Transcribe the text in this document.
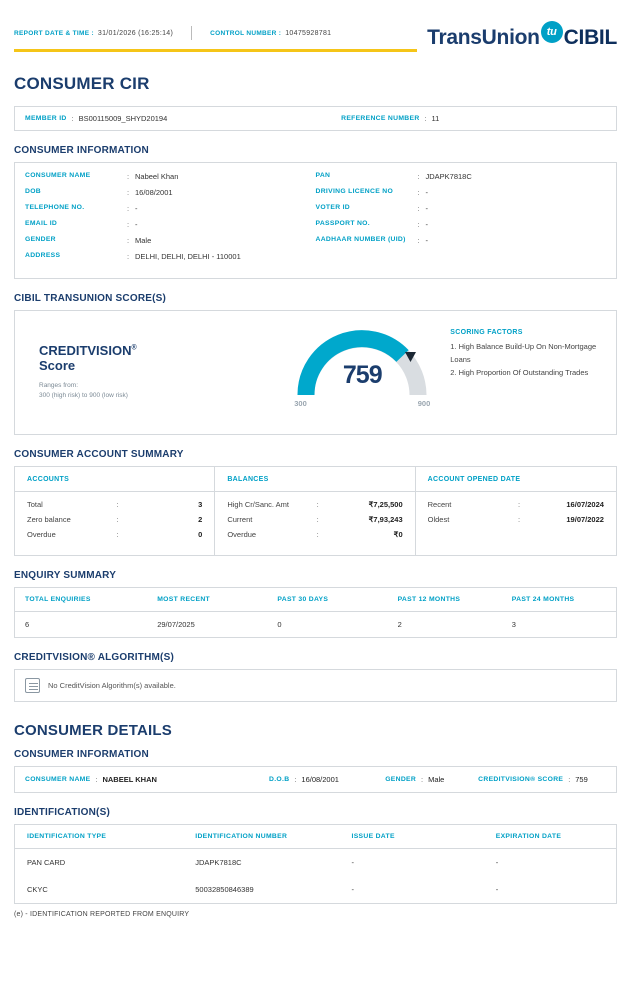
REPORT DATE & TIME : 31/01/2026 (16:25:14)	CONTROL NUMBER : 10475928781	TransUnion tu CIBIL
CONSUMER CIR
MEMBER ID : BS00115009_SHYD20194	REFERENCE NUMBER : 11
CONSUMER INFORMATION
CONSUMER NAME	: Nabeel Khan
DOB	: 16/08/2001
TELEPHONE NO.	: -
EMAIL ID	: -
GENDER	: Male
ADDRESS	: DELHI, DELHI, DELHI - 110001
PAN	: JDAPK7818C
DRIVING LICENCE NO	: -
VOTER ID	: -
PASSPORT NO.	: -
AADHAAR NUMBER (UID)	: -
CIBIL TRANSUNION SCORE(S)
CREDITVISION®
Score
Ranges from:
300 (high risk) to 900 (low risk)
759
300	900
SCORING FACTORS
1. High Balance Build-Up On Non-Mortgage Loans
2. High Proportion Of Outstanding Trades
CONSUMER ACCOUNT SUMMARY
ACCOUNTS
Total	:	3
Zero balance	:	2
Overdue	:	0
BALANCES
High Cr/Sanc. Amt	:	₹7,25,500
Current	:	₹7,93,243
Overdue	:	₹0
ACCOUNT OPENED DATE
Recent	:	16/07/2024
Oldest	:	19/07/2022
ENQUIRY SUMMARY
TOTAL ENQUIRIES	MOST RECENT	PAST 30 DAYS	PAST 12 MONTHS	PAST 24 MONTHS
6	29/07/2025	0	2	3
CREDITVISION® ALGORITHM(S)
No CreditVision Algorithm(s) available.
CONSUMER DETAILS
CONSUMER INFORMATION
CONSUMER NAME : NABEEL KHAN	D.O.B : 16/08/2001	GENDER : Male	CREDITVISION® SCORE : 759
IDENTIFICATION(S)
IDENTIFICATION TYPE	IDENTIFICATION NUMBER	ISSUE DATE	EXPIRATION DATE
PAN CARD	JDAPK7818C	-	-
CKYC	50032850846389	-	-
(e) - IDENTIFICATION REPORTED FROM ENQUIRY
